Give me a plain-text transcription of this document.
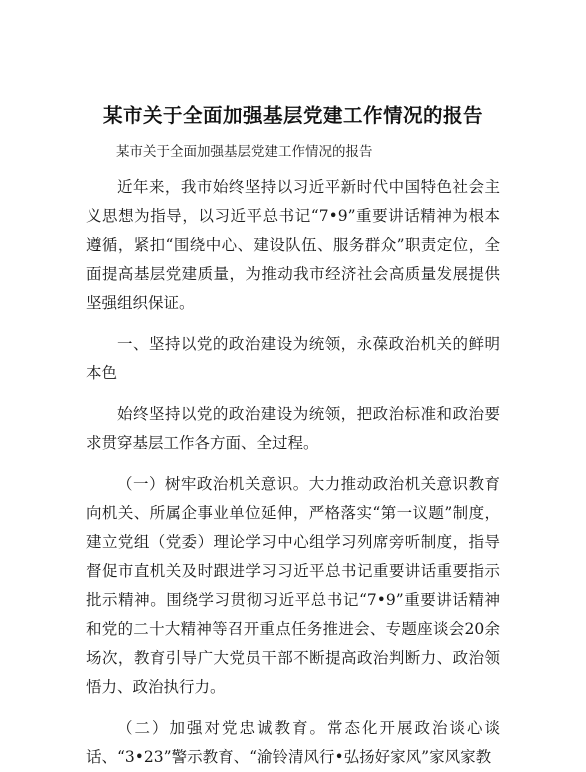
某市关于全面加强基层党建工作情况的报告
某市关于全面加强基层党建工作情况的报告

近年来，我市始终坚持以习近平新时代中国特色社会主义思想为指导，以习近平总书记“7•9”重要讲话精神为根本遵循，紧扣“围绕中心、建设队伍、服务群众”职责定位，全面提高基层党建质量，为推动我市经济社会高质量发展提供坚强组织保证。

一、坚持以党的政治建设为统领，永葆政治机关的鲜明本色

始终坚持以党的政治建设为统领，把政治标准和政治要求贯穿基层工作各方面、全过程。

（一）树牢政治机关意识。大力推动政治机关意识教育向机关、所属企事业单位延伸，严格落实“第一议题”制度，建立党组（党委）理论学习中心组学习列席旁听制度，指导督促市直机关及时跟进学习习近平总书记重要讲话重要指示批示精神。围绕学习贯彻习近平总书记“7•9”重要讲话精神和党的二十大精神等召开重点任务推进会、专题座谈会20余场次，教育引导广大党员干部不断提高政治判断力、政治领悟力、政治执行力。

（二）加强对党忠诚教育。常态化开展政治谈心谈话、“3•23”警示教育、“渝铃清风行•弘扬好家风”家风家教
